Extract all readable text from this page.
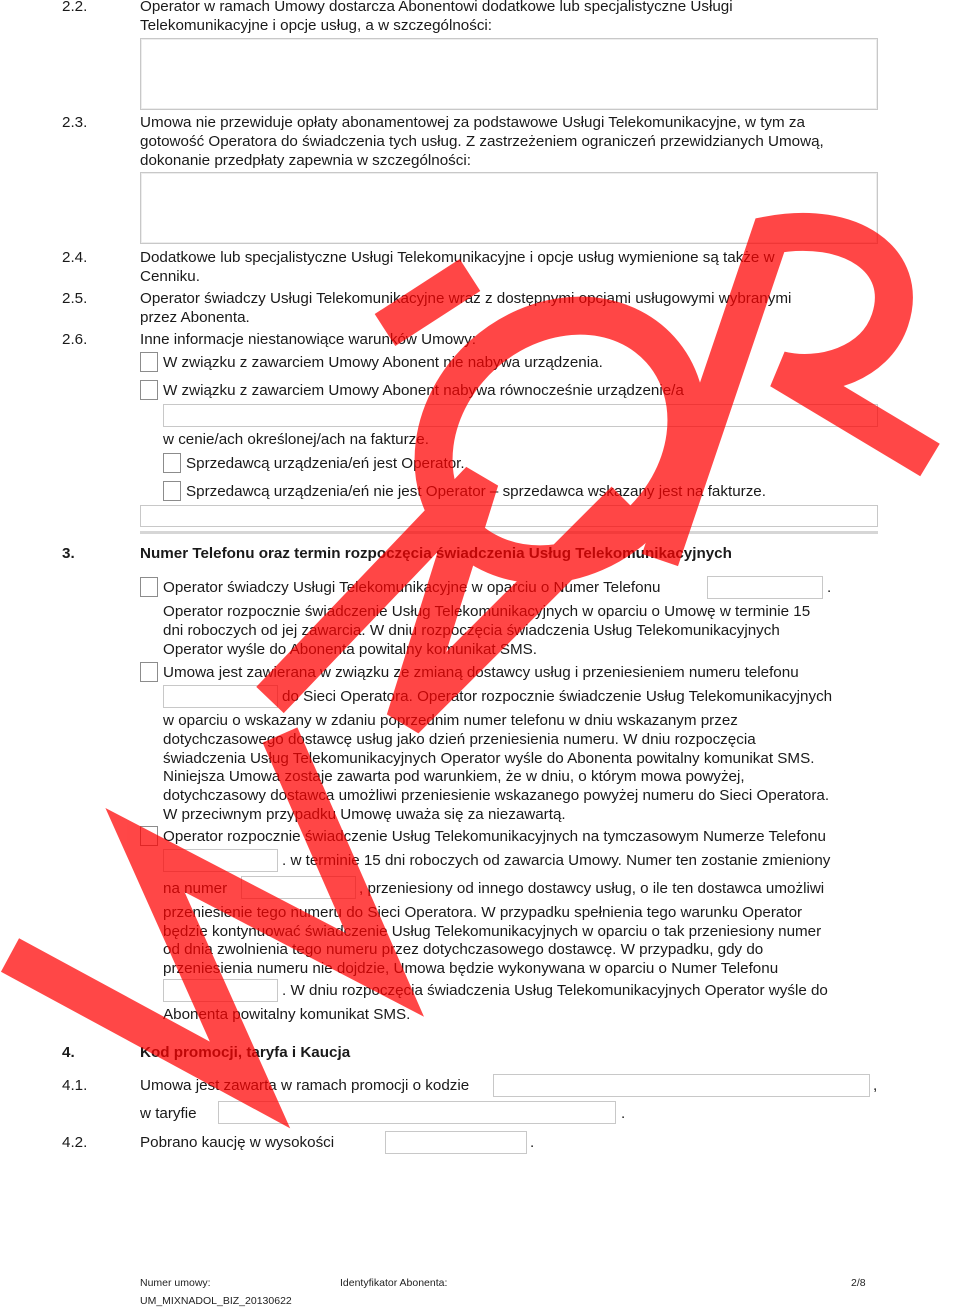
2.2.	Operator w ramach Umowy dostarcza Abonentowi dodatkowe lub specjalistyczne Usługi
Telekomunikacyjne i opcje usług, a w szczególności:
2.3.	Umowa nie przewiduje opłaty abonamentowej za podstawowe Usługi Telekomunikacyjne, w tym za
gotowość Operatora do świadczenia tych usług. Z zastrzeżeniem ograniczeń przewidzianych Umową,
dokonanie przedpłaty zapewnia w szczególności:
2.4.	Dodatkowe lub specjalistyczne Usługi Telekomunikacyjne i opcje usług wymienione są także w
Cenniku.
2.5.	Operator świadczy Usługi Telekomunikacyjne wraz z dostępnymi opcjami usługowymi wybranymi
przez Abonenta.
2.6.	Inne informacje niestanowiące warunków Umowy:
W związku z zawarciem Umowy Abonent nie nabywa urządzenia.
W związku z zawarciem Umowy Abonent nabywa równocześnie urządzenie/a
w cenie/ach określonej/ach na fakturze.
Sprzedawcą urządzenia/eń jest Operator.
Sprzedawcą urządzenia/eń nie jest Operator – sprzedawca wskazany jest na fakturze.
3.	Numer Telefonu oraz termin rozpoczęcia świadczenia Usług Telekomunikacyjnych
Operator świadczy Usługi Telekomunikacyjne w oparciu o Numer Telefonu	.
Operator rozpocznie świadczenie Usług Telekomunikacyjnych w oparciu o Umowę w terminie 15
dni roboczych od jej zawarcia. W dniu rozpoczęcia świadczenia Usług Telekomunikacyjnych
Operator wyśle do Abonenta powitalny komunikat SMS.
Umowa jest zawierana w związku ze zmianą dostawcy usług i przeniesieniem numeru telefonu
do Sieci Operatora. Operator rozpocznie świadczenie Usług Telekomunikacyjnych
w oparciu o wskazany w zdaniu poprzednim numer telefonu w dniu wskazanym przez
dotychczasowego dostawcę usług jako dzień przeniesienia numeru. W dniu rozpoczęcia
świadczenia Usług Telekomunikacyjnych Operator wyśle do Abonenta powitalny komunikat SMS.
Niniejsza Umowa zostaje zawarta pod warunkiem, że w dniu, o którym mowa powyżej,
dotychczasowy dostawca umożliwi przeniesienie wskazanego powyżej numeru do Sieci Operatora.
W przeciwnym przypadku Umowę uważa się za niezawartą.
Operator rozpocznie świadczenie Usług Telekomunikacyjnych na tymczasowym Numerze Telefonu
. w terminie 15 dni roboczych od zawarcia Umowy. Numer ten zostanie zmieniony
na numer	, przeniesiony od innego dostawcy usług, o ile ten dostawca umożliwi
przeniesienie tego numeru do Sieci Operatora. W przypadku spełnienia tego warunku Operator
będzie kontynuować świadczenie Usług Telekomunikacyjnych w oparciu o tak przeniesiony numer
od dnia zwolnienia tego numeru przez dotychczasowego dostawcę. W przypadku, gdy do
przeniesienia numeru nie dojdzie, Umowa będzie wykonywana w oparciu o Numer Telefonu
. W dniu rozpoczęcia świadczenia Usług Telekomunikacyjnych Operator wyśle do
Abonenta powitalny komunikat SMS.
4.	Kod promocji, taryfa i Kaucja
4.1.	Umowa jest zawarta w ramach promocji o kodzie	,
w taryfie	.
4.2.	Pobrano kaucję w wysokości	.
Numer umowy:	Identyfikator Abonenta:	2/8
UM_MIXNADOL_BIZ_20130622
